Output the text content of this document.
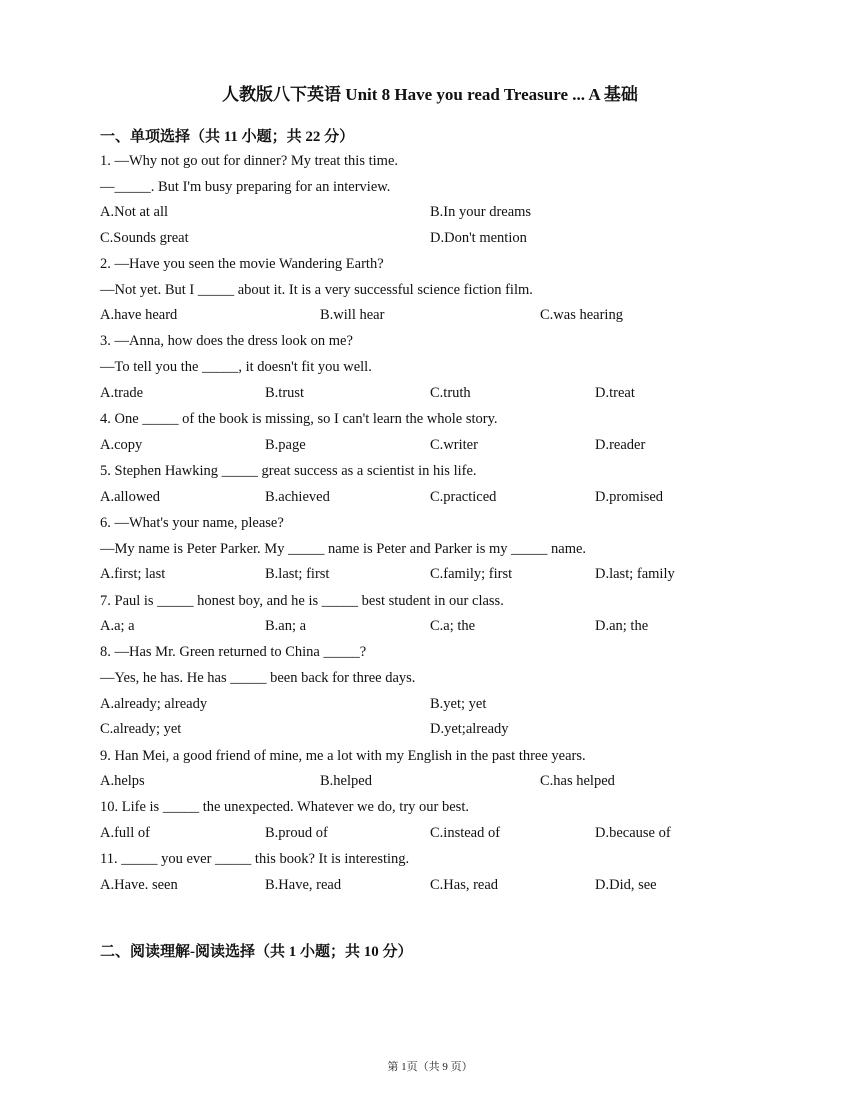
人教版八下英语 Unit 8 Have you read Treasure ... A 基础
一、单项选择（共 11 小题；共 22 分）
1. —Why not go out for dinner? My treat this time.
—_____. But I'm busy preparing for an interview.
A.Not at all	B.In your dreams
C.Sounds great	D.Don't mention
2. —Have you seen the movie Wandering Earth?
—Not yet. But I _____ about it. It is a very successful science fiction film.
A.have heard	B.will hear	C.was hearing
3. —Anna, how does the dress look on me?
—To tell you the _____, it doesn't fit you well.
A.trade	B.trust	C.truth	D.treat
4. One _____ of the book is missing, so I can't learn the whole story.
A.copy	B.page	C.writer	D.reader
5. Stephen Hawking _____ great success as a scientist in his life.
A.allowed	B.achieved	C.practiced	D.promised
6. —What's your name, please?
—My name is Peter Parker. My _____ name is Peter and Parker is my _____ name.
A.first; last	B.last; first	C.family; first	D.last; family
7. Paul is _____ honest boy, and he is _____ best student in our class.
A.a; a	B.an; a	C.a; the	D.an; the
8. —Has Mr. Green returned to China _____?
—Yes, he has. He has _____ been back for three days.
A.already; already	B.yet; yet
C.already; yet	D.yet;already
9. Han Mei, a good friend of mine, me a lot with my English in the past three years.
A.helps	B.helped	C.has helped
10. Life is _____ the unexpected. Whatever we do, try our best.
A.full of	B.proud of	C.instead of	D.because of
11. _____ you ever _____ this book? It is interesting.
A.Have. seen	B.Have, read	C.Has, read	D.Did, see
二、阅读理解-阅读选择（共 1 小题；共 10 分）
第 1页（共 9 页）
